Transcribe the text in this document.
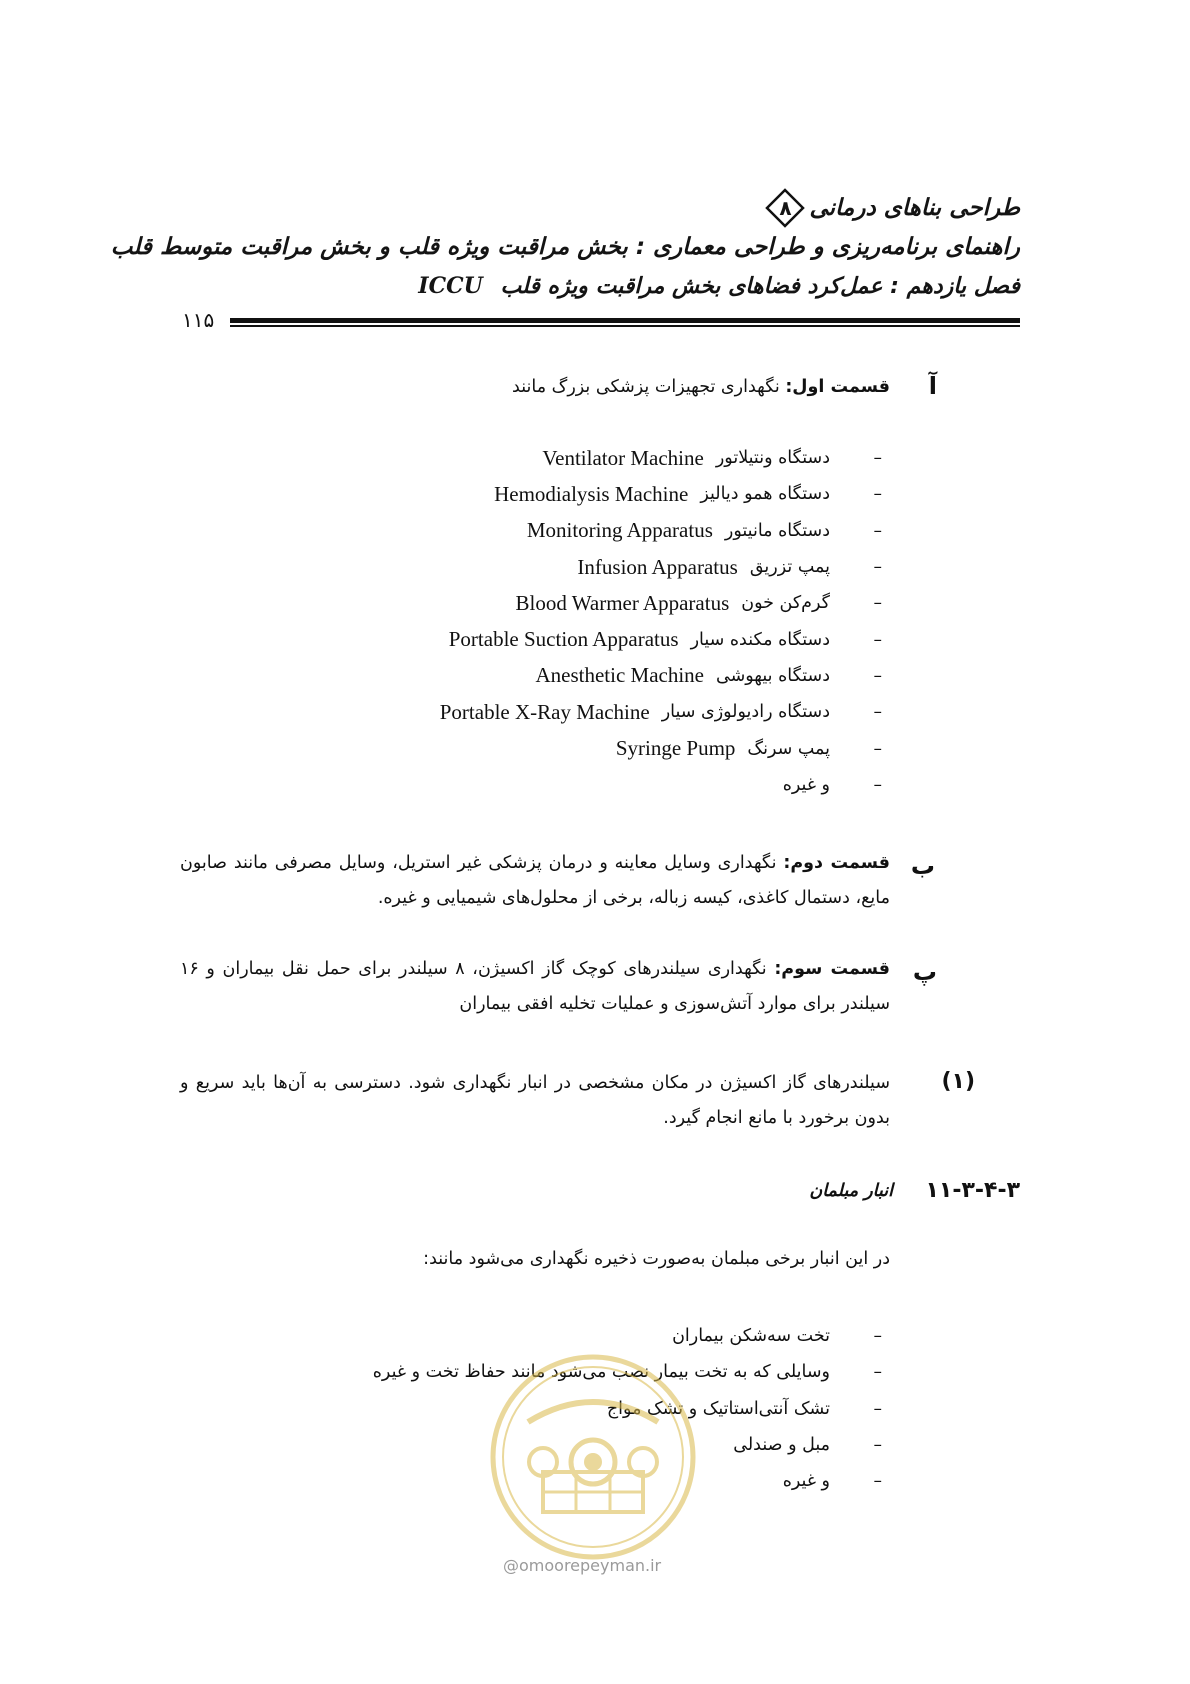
طراحی بناهای درمانی
۸
راهنمای برنامه‌ریزی و طراحی معماری : بخش مراقبت ویژه قلب و بخش مراقبت متوسط قلب
فصل یازدهم : عمل‌کرد فضاهای بخش مراقبت ویژه قلب ICCU
۱۱۵
آ
قسمت اول: نگهداری تجهیزات پزشکی بزرگ مانند
–
دستگاه ونتیلاتور
Ventilator Machine
–
دستگاه همو دیالیز
Hemodialysis Machine
–
دستگاه مانیتور
Monitoring Apparatus
–
پمپ تزریق
Infusion Apparatus
–
گرم‌کن خون
Blood Warmer Apparatus
–
دستگاه مکنده سیار
Portable Suction Apparatus
–
دستگاه بیهوشی
Anesthetic Machine
–
دستگاه رادیولوژی سیار
Portable X-Ray Machine
–
پمپ سرنگ
Syringe Pump
–
و غیره
ب
قسمت دوم: نگهداری وسایل معاینه و درمان پزشکی غیر استریل، وسایل مصرفی مانند صابون مایع، دستمال کاغذی، کیسه زباله، برخی از محلول‌های شیمیایی و غیره.
پ
قسمت سوم: نگهداری سیلندرهای کوچک گاز اکسیژن، ۸ سیلندر برای حمل نقل بیماران و ۱۶ سیلندر برای موارد آتش‌سوزی و عملیات تخلیه افقی بیماران
(۱)
سیلندرهای گاز اکسیژن در مکان مشخصی در انبار نگهداری شود. دسترسی به آن‌ها باید سریع و بدون برخورد با مانع انجام گیرد.
۱۱-۳-۴-۳
انبار مبلمان
در این انبار برخی مبلمان به‌صورت ذخیره نگهداری می‌شود مانند:
–
تخت سه‌شکن بیماران
–
وسایلی که به تخت بیمار نصب می‌شود مانند حفاظ تخت و غیره
–
تشک آنتی‌استاتیک و تشک مواج
–
مبل و صندلی
–
و غیره
@omoorepeyman.ir
